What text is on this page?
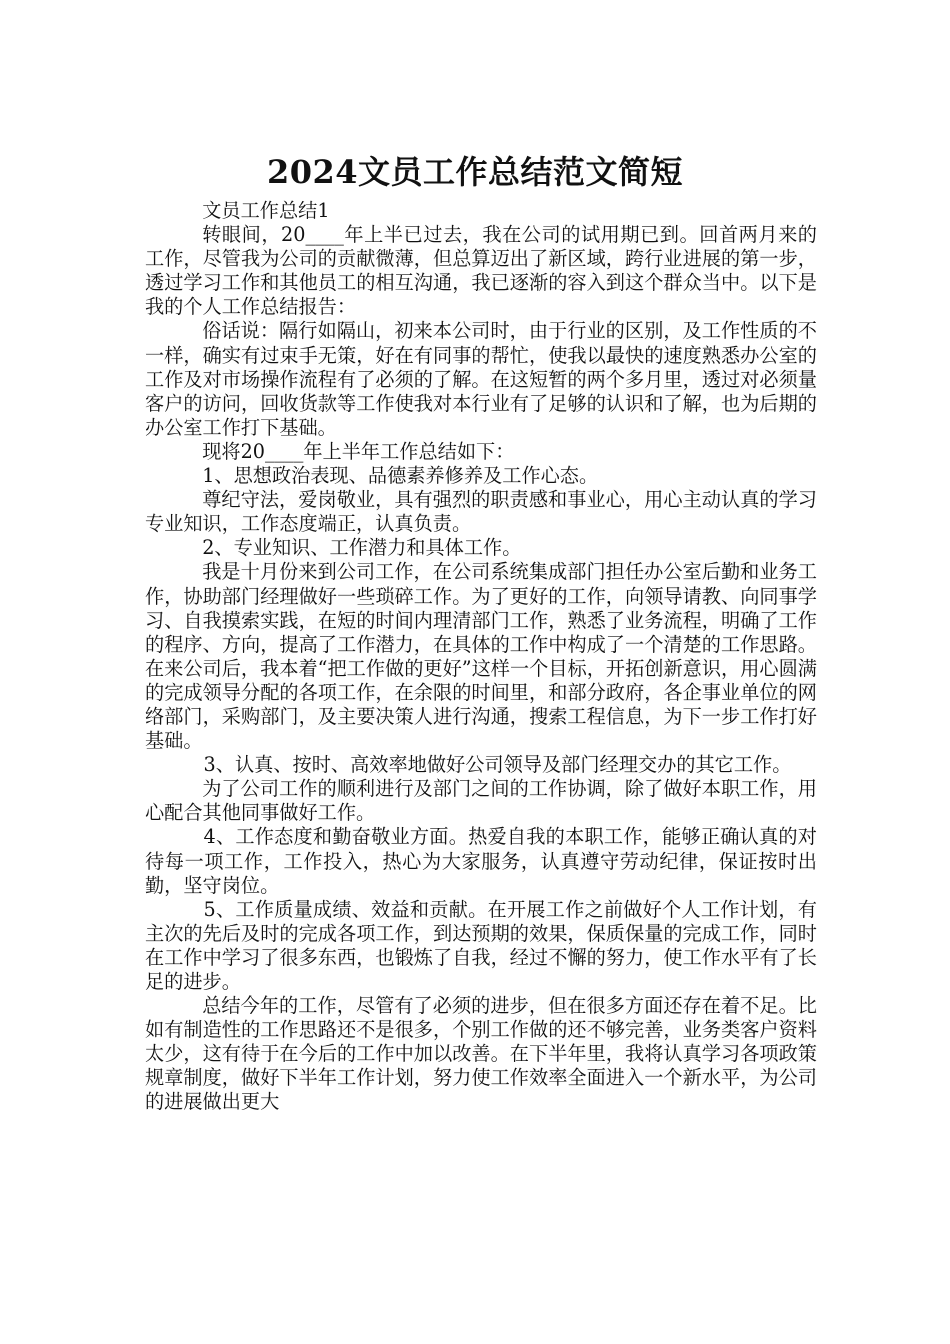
2024文员工作总结范文简短

文员工作总结1

转眼间，20____年上半已过去，我在公司的试用期已到。回首两月来的工作，尽管我为公司的贡献微薄，但总算迈出了新区域，跨行业进展的第一步，透过学习工作和其他员工的相互沟通，我已逐渐的容入到这个群众当中。以下是我的个人工作总结报告：

俗话说：隔行如隔山，初来本公司时，由于行业的区别，及工作性质的不一样，确实有过束手无策，好在有同事的帮忙，使我以最快的速度熟悉办公室的工作及对市场操作流程有了必须的了解。在这短暂的两个多月里，透过对必须量客户的访问，回收货款等工作使我对本行业有了足够的认识和了解，也为后期的办公室工作打下基础。

现将20____年上半年工作总结如下：

1、思想政治表现、品德素养修养及工作心态。

尊纪守法，爱岗敬业，具有强烈的职责感和事业心，用心主动认真的学习专业知识，工作态度端正，认真负责。

2、专业知识、工作潜力和具体工作。

我是十月份来到公司工作，在公司系统集成部门担任办公室后勤和业务工作，协助部门经理做好一些琐碎工作。为了更好的工作，向领导请教、向同事学习、自我摸索实践，在短的时间内理清部门工作，熟悉了业务流程，明确了工作的程序、方向，提高了工作潜力，在具体的工作中构成了一个清楚的工作思路。在来公司后，我本着“把工作做的更好”这样一个目标，开拓创新意识，用心圆满的完成领导分配的各项工作，在余限的时间里，和部分政府，各企事业单位的网络部门，采购部门，及主要决策人进行沟通，搜索工程信息，为下一步工作打好基础。

3、认真、按时、高效率地做好公司领导及部门经理交办的其它工作。

为了公司工作的顺利进行及部门之间的工作协调，除了做好本职工作，用心配合其他同事做好工作。

4、工作态度和勤奋敬业方面。热爱自我的本职工作，能够正确认真的对待每一项工作，工作投入，热心为大家服务，认真遵守劳动纪律，保证按时出勤，坚守岗位。

5、工作质量成绩、效益和贡献。在开展工作之前做好个人工作计划，有主次的先后及时的完成各项工作，到达预期的效果，保质保量的完成工作，同时在工作中学习了很多东西，也锻炼了自我，经过不懈的努力，使工作水平有了长足的进步。

总结今年的工作，尽管有了必须的进步，但在很多方面还存在着不足。比如有制造性的工作思路还不是很多，个别工作做的还不够完善，业务类客户资料太少，这有待于在今后的工作中加以改善。在下半年里，我将认真学习各项政策规章制度，做好下半年工作计划，努力使工作效率全面进入一个新水平，为公司的进展做出更大
